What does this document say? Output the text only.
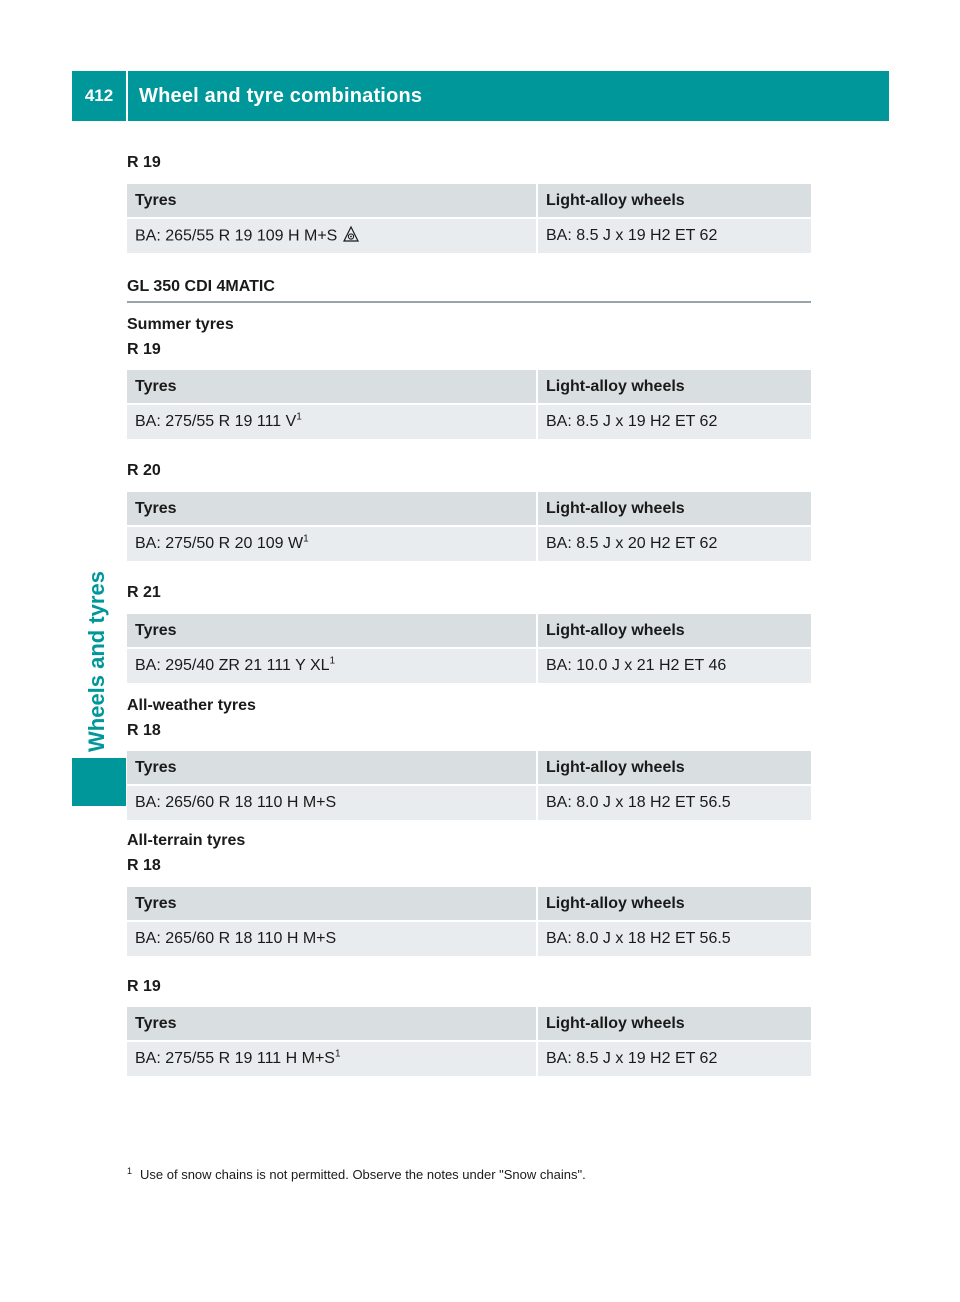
412	Wheel and tyre combinations
Wheels and tyres
R 19
Tyres	Light-alloy wheels
BA: 265/55 R 19 109 H M+S	BA: 8.5 J x 19 H2 ET 62
GL 350 CDI 4MATIC
Summer tyres
R 19
Tyres	Light-alloy wheels
BA: 275/55 R 19 111 $V^1$	BA: 8.5 J x 19 H2 ET 62
R 20
Tyres	Light-alloy wheels
BA: 275/50 R 20 109 $W^1$	BA: 8.5 J x 20 H2 ET 62
R 21
Tyres	Light-alloy wheels
BA: 295/40 ZR 21 111 Y $XL^1$	BA: 10.0 J x 21 H2 ET 46
All-weather tyres
R 18
Tyres	Light-alloy wheels
BA: 265/60 R 18 110 H M+S	BA: 8.0 J x 18 H2 ET 56.5
All-terrain tyres
R 18
Tyres	Light-alloy wheels
BA: 265/60 R 18 110 H M+S	BA: 8.0 J x 18 H2 ET 56.5
R 19
Tyres	Light-alloy wheels
BA: 275/55 R 19 111 H $M+S^1$	BA: 8.5 J x 19 H2 ET 62
$^1$ Use of snow chains is not permitted. Observe the notes under "Snow chains".
